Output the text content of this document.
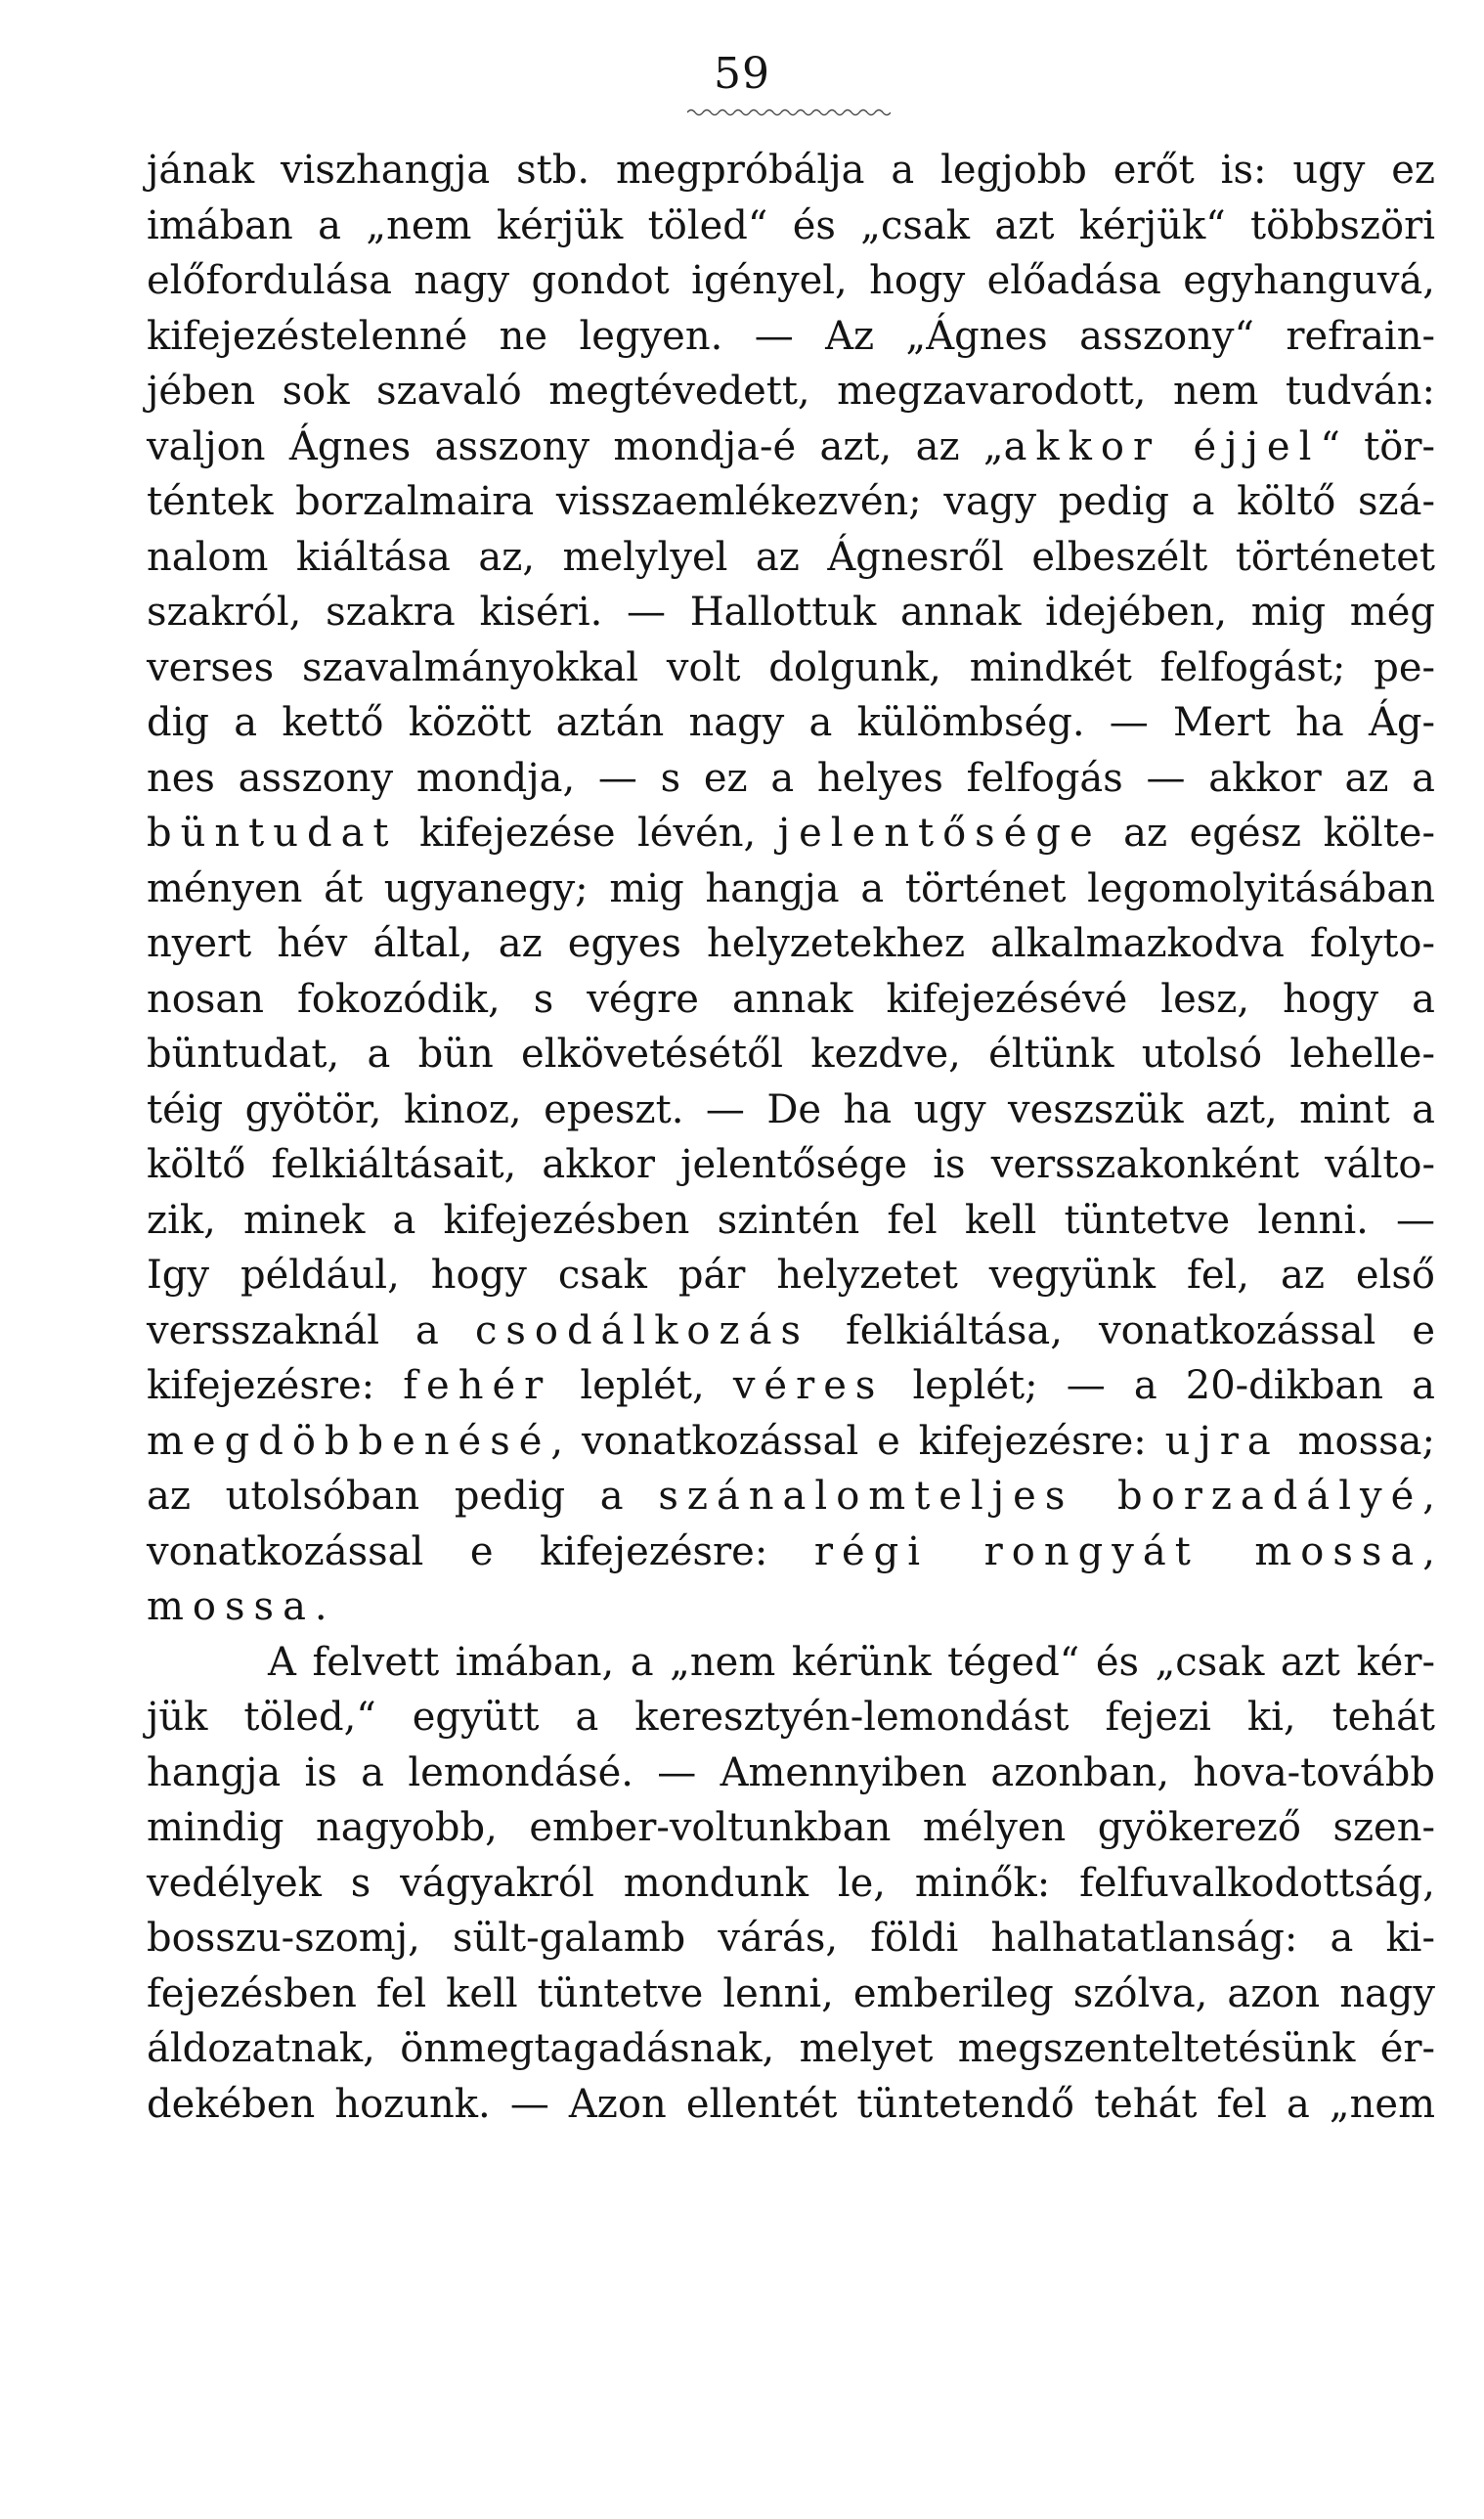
59
jának viszhangja stb. megpróbálja a legjobb erőt is: ugy ez
imában a „nem kérjük töled“ és „csak azt kérjük“ többszöri
előfordulása nagy gondot igényel, hogy előadása egyhanguvá,
kifejezéstelenné ne legyen. — Az „Ágnes asszony“ refrain-
jében sok szavaló megtévedett, megzavarodott, nem tudván:
valjon Ágnes asszony mondja-é azt, az „akkor éjjel“ tör-
téntek borzalmaira visszaemlékezvén; vagy pedig a költő szá-
nalom kiáltása az, melylyel az Ágnesről elbeszélt történetet
szakról, szakra kiséri. — Hallottuk annak idejében, mig még
verses szavalmányokkal volt dolgunk, mindkét felfogást; pe-
dig a kettő között aztán nagy a külömbség. — Mert ha Ág-
nes asszony mondja, — s ez a helyes felfogás — akkor az a
büntudat kifejezése lévén, jelentősége az egész költe-
ményen át ugyanegy; mig hangja a történet legomolyitásában
nyert hév által, az egyes helyzetekhez alkalmazkodva folyto-
nosan fokozódik, s végre annak kifejezésévé lesz, hogy a
büntudat, a bün elkövetésétől kezdve, éltünk utolsó lehelle-
téig gyötör, kinoz, epeszt. — De ha ugy veszszük azt, mint a
költő felkiáltásait, akkor jelentősége is versszakonként válto-
zik, minek a kifejezésben szintén fel kell tüntetve lenni. —
Igy például, hogy csak pár helyzetet vegyünk fel, az első
versszaknál a csodálkozás felkiáltása, vonatkozással e
kifejezésre: fehér leplét, véres leplét; — a 20-dikban a
megdöbbenésé, vonatkozással e kifejezésre: ujra mossa;
az utolsóban pedig a szánalomteljes borzadályé,
vonatkozással e kifejezésre: régi rongyát mossa,
mossa.
A felvett imában, a „nem kérünk téged“ és „csak azt kér-
jük töled,“ együtt a keresztyén-lemondást fejezi ki, tehát
hangja is a lemondásé. — Amennyiben azonban, hova-tovább
mindig nagyobb, ember-voltunkban mélyen gyökerező szen-
vedélyek s vágyakról mondunk le, minők: felfuvalkodottság,
bosszu-szomj, sült-galamb várás, földi halhatatlanság: a ki-
fejezésben fel kell tüntetve lenni, emberileg szólva, azon nagy
áldozatnak, önmegtagadásnak, melyet megszenteltetésünk ér-
dekében hozunk. — Azon ellentét tüntetendő tehát fel a „nem
